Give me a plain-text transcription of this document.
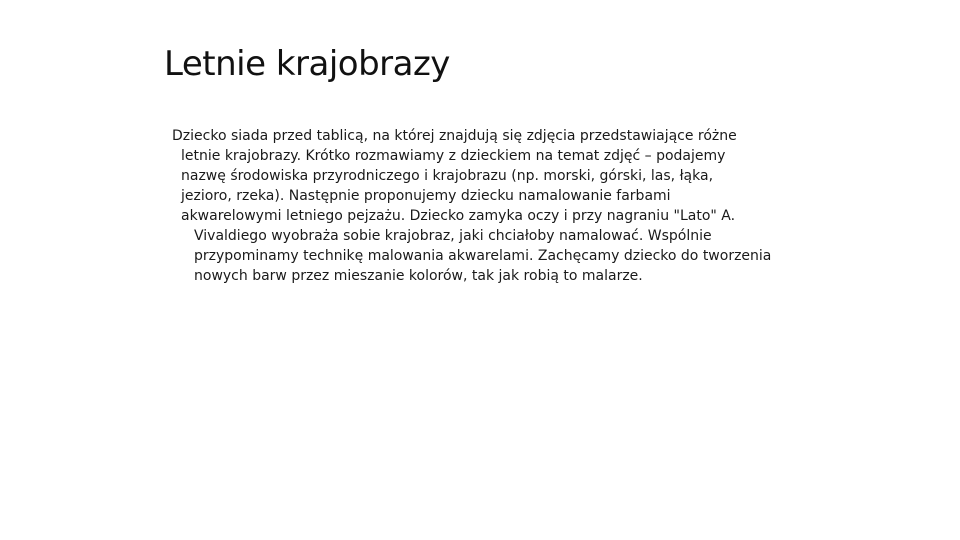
Letnie krajobrazy

Dziecko siada przed tablicą, na której znajdują się zdjęcia przedstawiające różne
letnie krajobrazy. Krótko rozmawiamy z dzieckiem na temat zdjęć – podajemy
nazwę środowiska przyrodniczego i krajobrazu (np. morski, górski, las, łąka,
jezioro, rzeka). Następnie proponujemy dziecku namalowanie farbami
akwarelowymi letniego pejzażu. Dziecko zamyka oczy i przy nagraniu "Lato" A.
Vivaldiego wyobraża sobie krajobraz, jaki chciałoby namalować. Wspólnie
przypominamy technikę malowania akwarelami. Zachęcamy dziecko do tworzenia
nowych barw przez mieszanie kolorów, tak jak robią to malarze.
